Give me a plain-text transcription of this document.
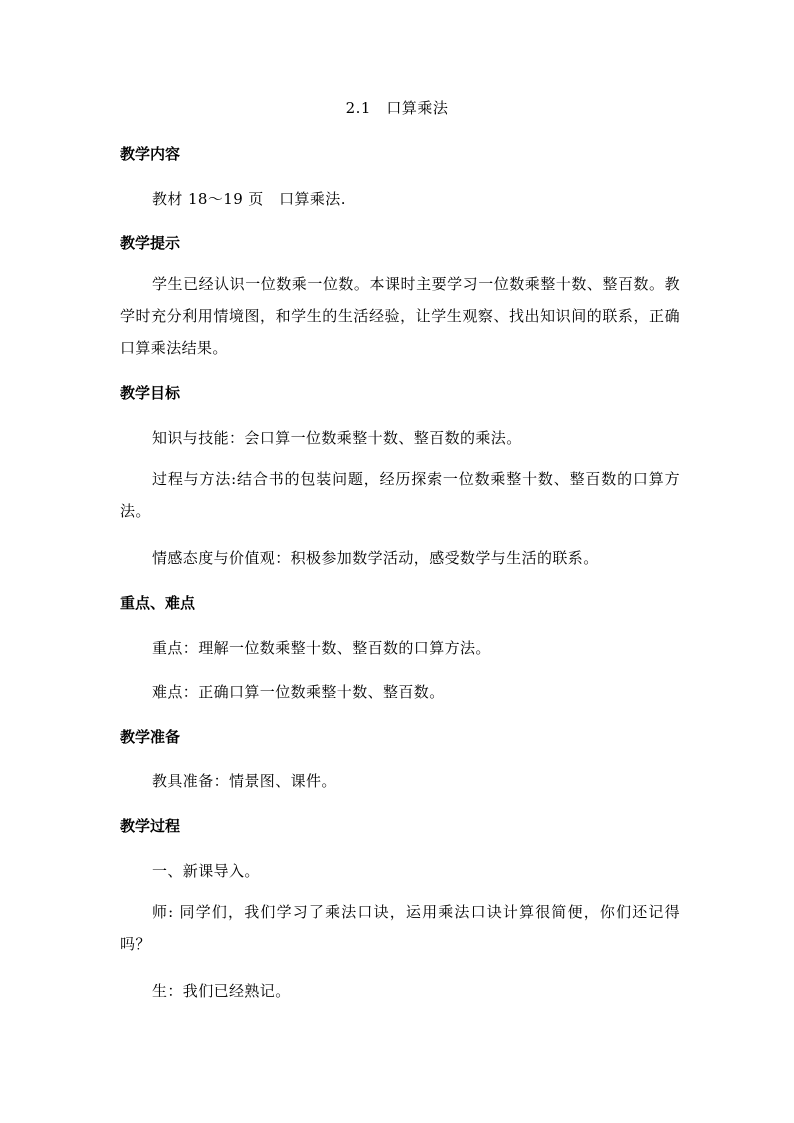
2.1　口算乘法
教学内容
教材 18～19 页　口算乘法.
教学提示
学生已经认识一位数乘一位数。本课时主要学习一位数乘整十数、整百数。教学时充分利用情境图，和学生的生活经验，让学生观察、找出知识间的联系，正确口算乘法结果。
教学目标
知识与技能：会口算一位数乘整十数、整百数的乘法。
过程与方法:结合书的包装问题，经历探索一位数乘整十数、整百数的口算方法。
情感态度与价值观：积极参加数学活动，感受数学与生活的联系。
重点、难点
重点：理解一位数乘整十数、整百数的口算方法。
难点：正确口算一位数乘整十数、整百数。
教学准备
教具准备：情景图、课件。
教学过程
一、新课导入。
师: 同学们，我们学习了乘法口诀，运用乘法口诀计算很简便，你们还记得吗？
生：我们已经熟记。
